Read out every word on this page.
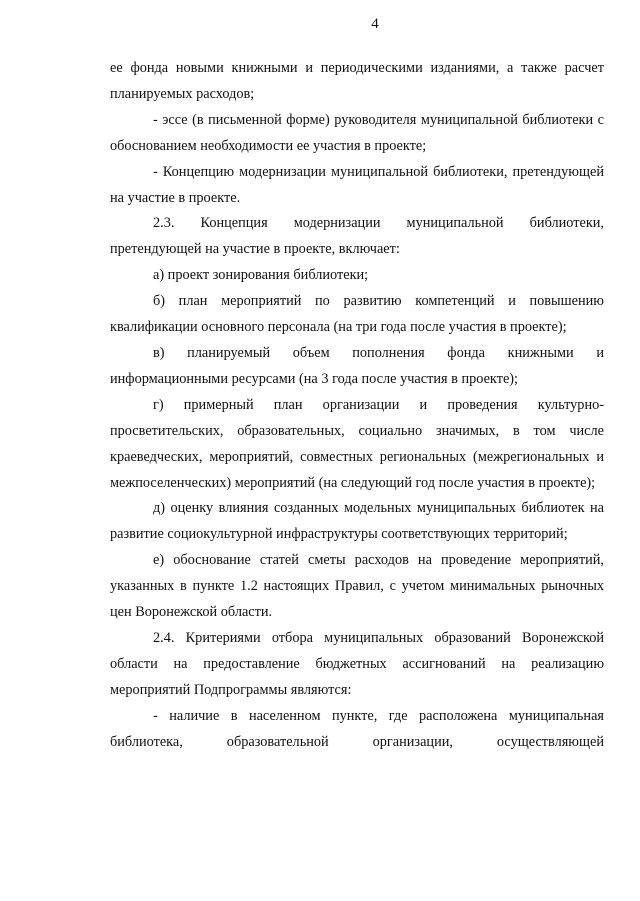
4

ее фонда новыми книжными и периодическими изданиями, а также расчет планируемых расходов;

- эссе (в письменной форме) руководителя муниципальной библиотеки с обоснованием необходимости ее участия в проекте;

- Концепцию модернизации муниципальной библиотеки, претендующей на участие в проекте.

2.3. Концепция модернизации муниципальной библиотеки, претендующей на участие в проекте, включает:

а) проект зонирования библиотеки;

б) план мероприятий по развитию компетенций и повышению квалификации основного персонала (на три года после участия в проекте);

в) планируемый объем пополнения фонда книжными и информационными ресурсами (на 3 года после участия в проекте);

г) примерный план организации и проведения культурно-просветительских, образовательных, социально значимых, в том числе краеведческих, мероприятий, совместных региональных (межрегиональных и межпоселенческих) мероприятий (на следующий год после участия в проекте);

д) оценку влияния созданных модельных муниципальных библиотек на развитие социокультурной инфраструктуры соответствующих территорий;

е) обоснование статей сметы расходов на проведение мероприятий, указанных в пункте 1.2 настоящих Правил, с учетом минимальных рыночных цен Воронежской области.

2.4. Критериями отбора муниципальных образований Воронежской области на предоставление бюджетных ассигнований на реализацию мероприятий Подпрограммы являются:

- наличие в населенном пункте, где расположена муниципальная библиотека, образовательной организации, осуществляющей
